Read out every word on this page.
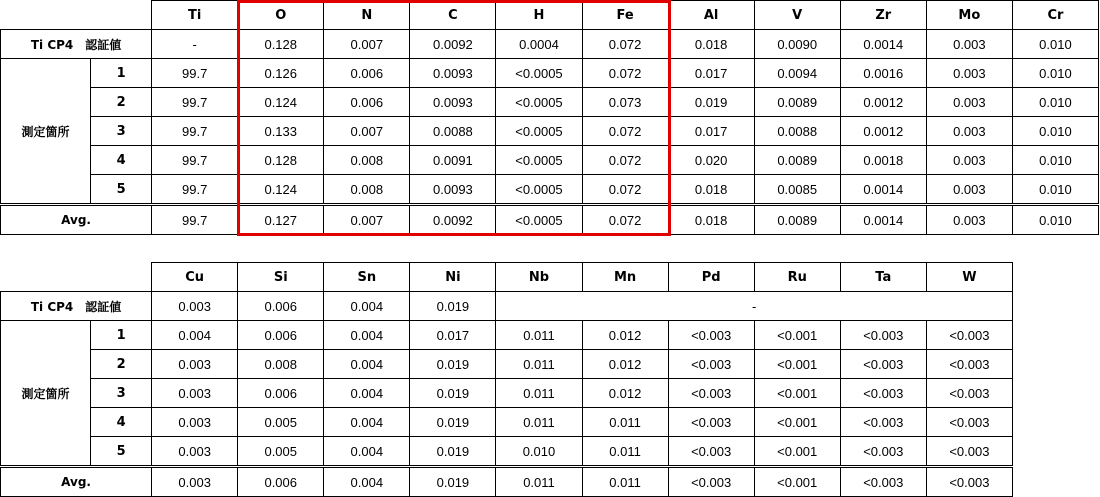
		Ti	O	N	C	H	Fe	Al	V	Zr	Mo	Cr
Ti CP4　認証値		-	0.128	0.007	0.0092	0.0004	0.072	0.018	0.0090	0.0014	0.003	0.010
測定箇所	1	99.7	0.126	0.006	0.0093	<0.0005	0.072	0.017	0.0094	0.0016	0.003	0.010
	2	99.7	0.124	0.006	0.0093	<0.0005	0.073	0.019	0.0089	0.0012	0.003	0.010
	3	99.7	0.133	0.007	0.0088	<0.0005	0.072	0.017	0.0088	0.0012	0.003	0.010
	4	99.7	0.128	0.008	0.0091	<0.0005	0.072	0.020	0.0089	0.0018	0.003	0.010
	5	99.7	0.124	0.008	0.0093	<0.0005	0.072	0.018	0.0085	0.0014	0.003	0.010
Avg.		99.7	0.127	0.007	0.0092	<0.0005	0.072	0.018	0.0089	0.0014	0.003	0.010
		Cu	Si	Sn	Ni	Nb	Mn	Pd	Ru	Ta	W
Ti CP4　認証値		0.003	0.006	0.004	0.019	-					
測定箇所	1	0.004	0.006	0.004	0.017	0.011	0.012	<0.003	<0.001	<0.003	<0.003
	2	0.003	0.008	0.004	0.019	0.011	0.012	<0.003	<0.001	<0.003	<0.003
	3	0.003	0.006	0.004	0.019	0.011	0.012	<0.003	<0.001	<0.003	<0.003
	4	0.003	0.005	0.004	0.019	0.011	0.011	<0.003	<0.001	<0.003	<0.003
	5	0.003	0.005	0.004	0.019	0.010	0.011	<0.003	<0.001	<0.003	<0.003
Avg.		0.003	0.006	0.004	0.019	0.011	0.011	<0.003	<0.001	<0.003	<0.003
